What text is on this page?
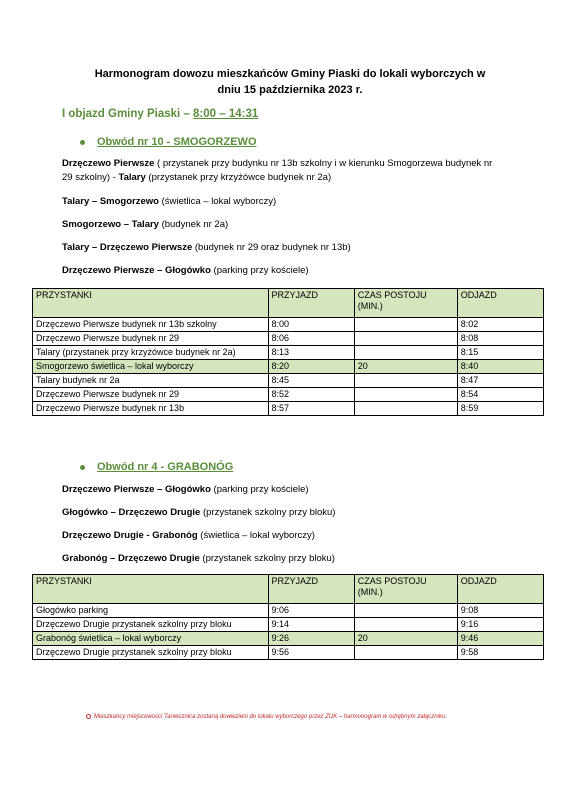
Harmonogram dowozu mieszkańców Gminy Piaski do lokali wyborczych w
dniu 15 października 2023 r.
I objazd Gminy Piaski – 8:00 – 14:31
Obwód nr 10 - SMOGORZEWO
Drzęczewo Pierwsze ( przystanek przy budynku nr 13b szkolny i w kierunku Smogorzewa budynek nr 29 szkolny) - Talary (przystanek przy krzyżówce budynek nr 2a)
Talary – Smogorzewo (świetlica – lokal wyborczy)
Smogorzewo – Talary (budynek nr 2a)
Talary – Drzęczewo Pierwsze (budynek nr 29 oraz budynek nr 13b)
Drzęczewo Pierwsze – Głogówko (parking przy kościele)
PRZYSTANKI	PRZYJAZD	CZAS POSTOJU (MIN.)	ODJAZD
Drzęczewo Pierwsze budynek nr 13b szkolny	8:00		8:02
Drzęczewo Pierwsze budynek nr 29	8:06		8:08
Talary (przystanek przy krzyżówce budynek nr 2a)	8:13		8:15
Smogorzewo świetlica – lokal wyborczy	8:20	20	8:40
Talary budynek nr 2a	8:45		8:47
Drzęczewo Pierwsze budynek nr 29	8:52		8:54
Drzęczewo Pierwsze budynek nr 13b	8:57		8:59
Obwód nr 4 - GRABONÓG
Drzęczewo Pierwsze – Głogówko (parking przy kościele)
Głogówko – Drzęczewo Drugie (przystanek szkolny przy bloku)
Drzęczewo Drugie - Grabonóg (świetlica – lokal wyborczy)
Grabonóg – Drzęczewo Drugie (przystanek szkolny przy bloku)
PRZYSTANKI	PRZYJAZD	CZAS POSTOJU (MIN.)	ODJAZD
Głogówko parking	9:06		9:08
Drzęczewo Drugie przystanek szkolny przy bloku	9:14		9:16
Grabonóg świetlica – lokal wyborczy	9:26	20	9:46
Drzęczewo Drugie przystanek szkolny przy bloku	9:56		9:58
Mieszkańcy miejscowości Taniecznica zostaną dowiezieni do lokalu wyborczego przez ZUK – harmonogram w odrębnym załączniku.
